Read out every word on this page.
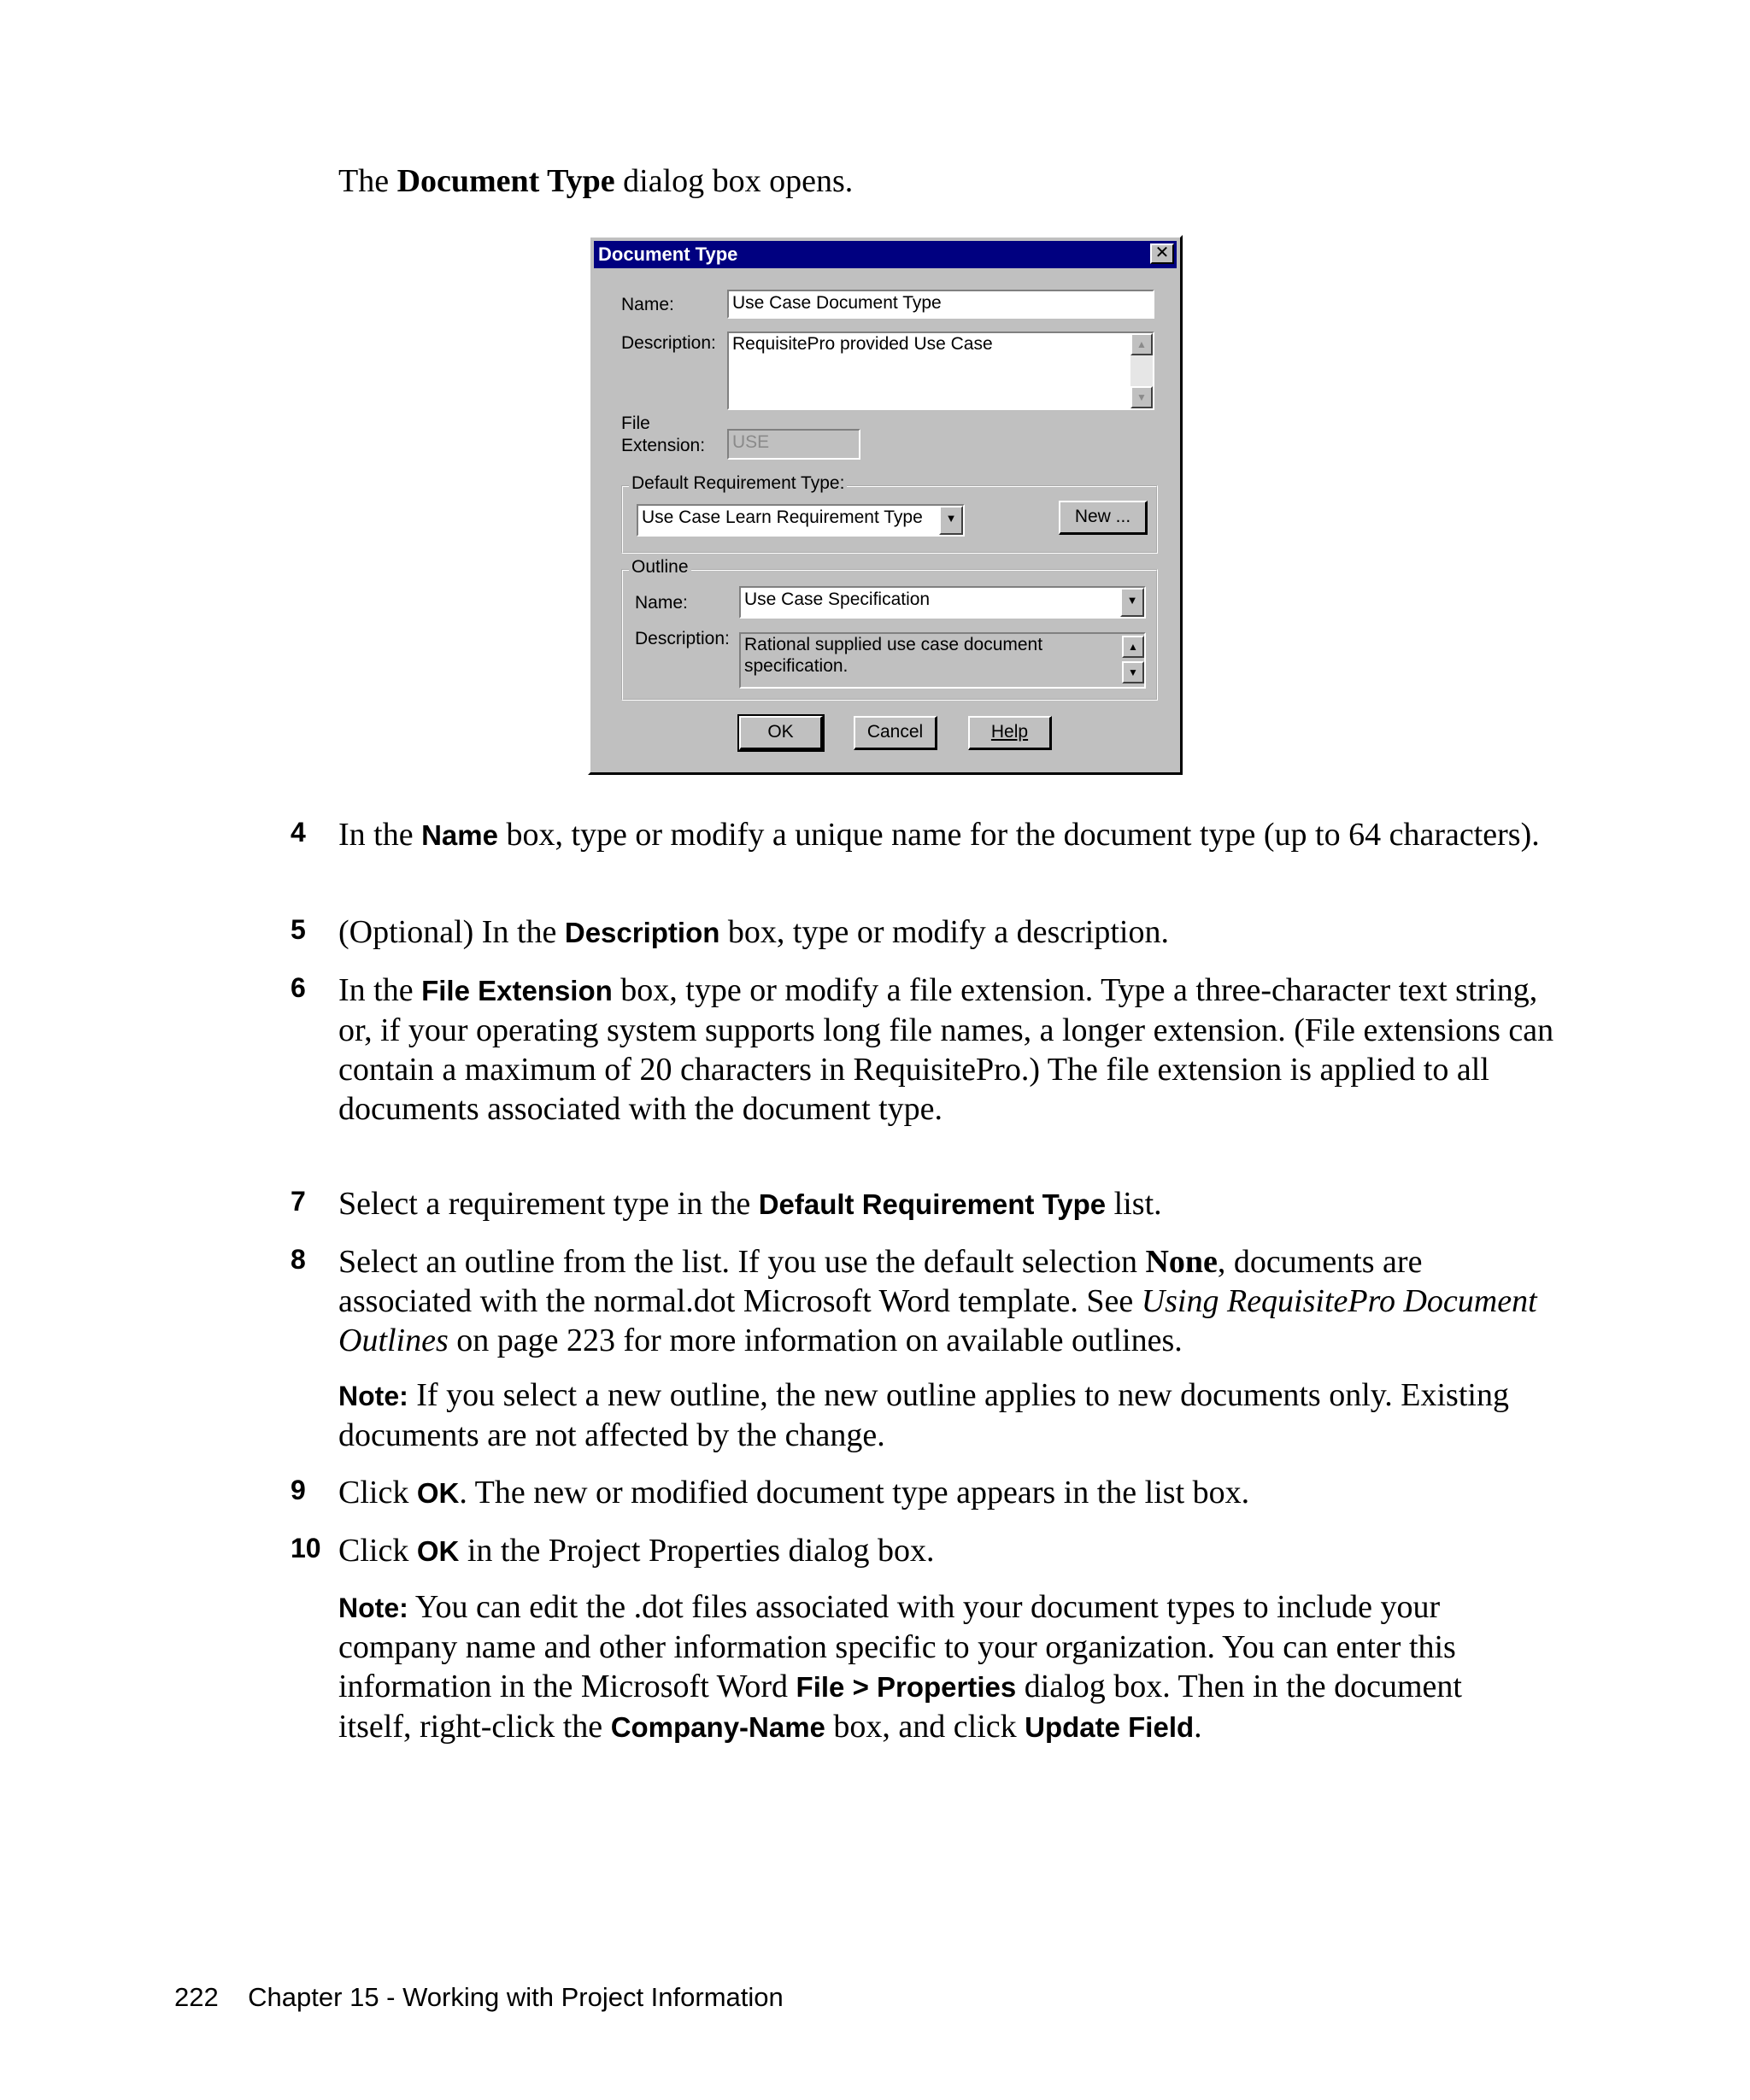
The Document Type dialog box opens.
Document Type	✕
Name:	Use Case Document Type
Description: RequisitePro provided Use Case	▲
▼
File
Extension: USE
Default Requirement Type:
Use Case Learn Requirement Type	▼	New ...
Outline
Name:	Use Case Specification	▼
Description: Rational supplied use case document
specification.
▲
▼
OK	Cancel	Help
4 In the Name box, type or modify a unique name for the document type (up to 64 characters).
5 (Optional) In the Description box, type or modify a description.
6 In the File Extension box, type or modify a file extension. Type a three-character text string, or, if your operating system supports long file names, a longer extension. (File extensions can contain a maximum of 20 characters in RequisitePro.) The file extension is applied to all documents associated with the document type.
7 Select a requirement type in the Default Requirement Type list.
8 Select an outline from the list. If you use the default selection None, documents are associated with the normal.dot Microsoft Word template. See Using RequisitePro Document Outlines on page 223 for more information on available outlines.
Note: If you select a new outline, the new outline applies to new documents only. Existing documents are not affected by the change.
9 Click OK. The new or modified document type appears in the list box.
10 Click OK in the Project Properties dialog box.
Note: You can edit the .dot files associated with your document types to include your company name and other information specific to your organization. You can enter this information in the Microsoft Word File > Properties dialog box. Then in the document itself, right-click the Company-Name box, and click Update Field.
222    Chapter 15 - Working with Project Information
